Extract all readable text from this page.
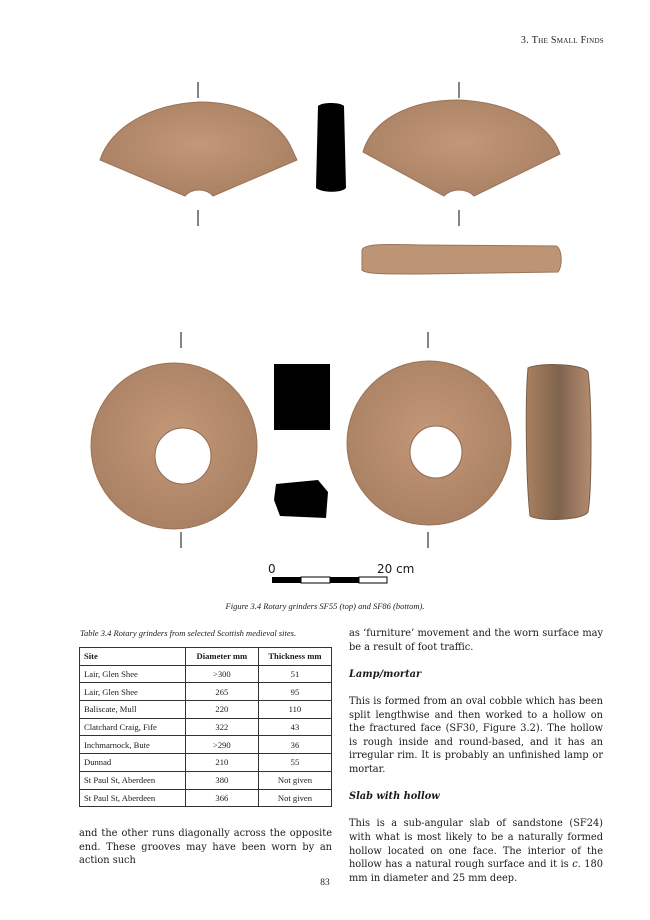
3. The Small Finds
0	20 cm
Figure 3.4 Rotary grinders SF55 (top) and SF86 (bottom).
Table 3.4 Rotary grinders from selected Scottish medieval sites.
Site	Diameter mm	Thickness mm
Lair, Glen Shee	>300	51
Lair, Glen Shee	265	95
Baliscate, Mull	220	110
Clatchard Craig, Fife	322	43
Inchmarnock, Bute	>290	36
Dunnad	210	55
St Paul St, Aberdeen	380	Not given
St Paul St, Aberdeen	366	Not given

and the other runs diagonally across the opposite end. These grooves may have been worn by an action such

as ‘furniture’ movement and the worn surface may be a result of foot traffic.

Lamp/mortar

This is formed from an oval cobble which has been split lengthwise and then worked to a hollow on the fractured face (SF30, Figure 3.2). The hollow is rough inside and round-based, and it has an irregular rim. It is probably an unfinished lamp or mortar.

Slab with hollow

This is a sub-angular slab of sandstone (SF24) with what is most likely to be a naturally formed hollow located on one face. The interior of the hollow has a natural rough surface and it is c. 180 mm in diameter and 25 mm deep.

83
